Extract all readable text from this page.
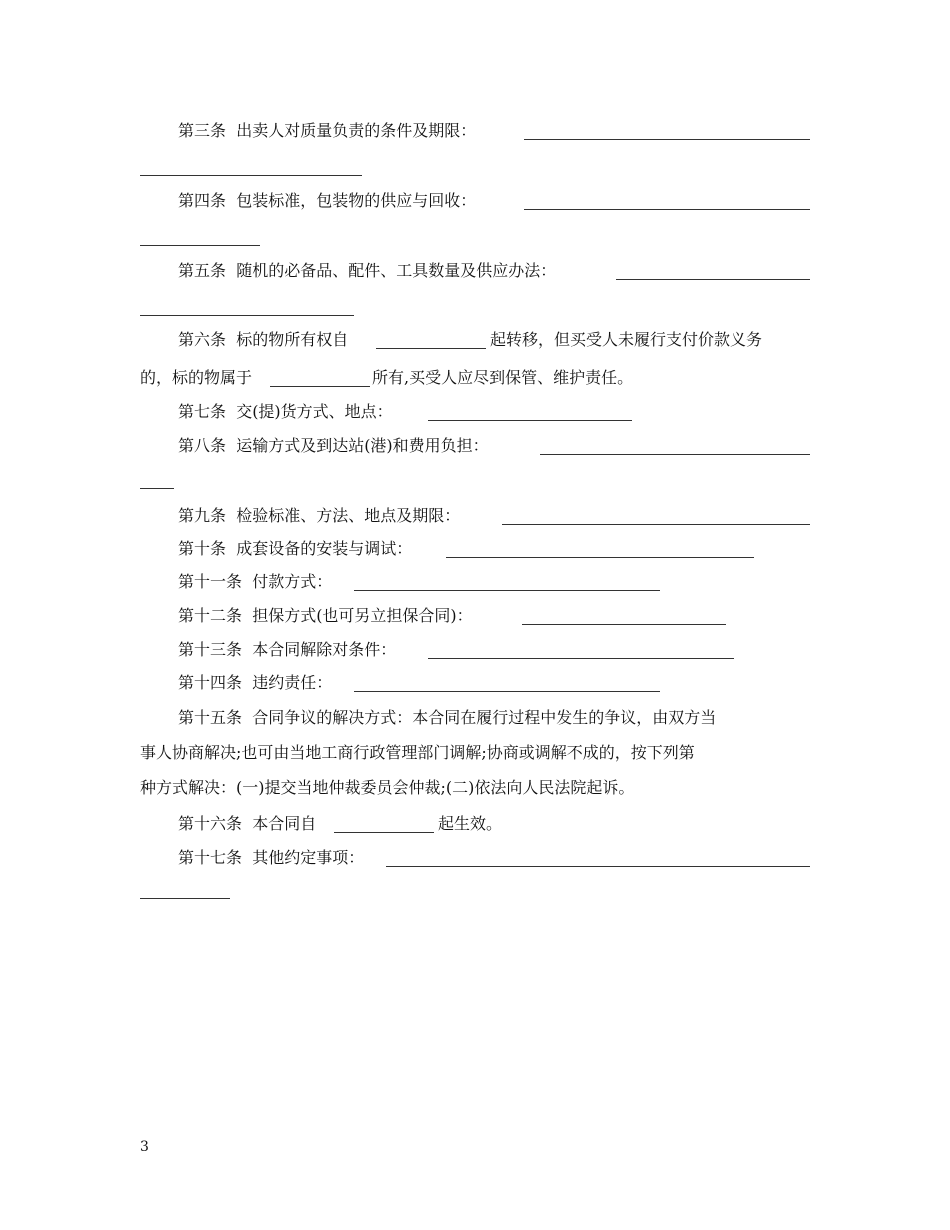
第三条 出卖人对质量负责的条件及期限：
第四条 包装标准，包装物的供应与回收：
第五条 随机的必备品、配件、工具数量及供应办法：
第六条 标的物所有权自	起转移，但买受人未履行支付价款义务
的，标的物属于	所有,买受人应尽到保管、维护责任。
第七条 交(提)货方式、地点：
第八条 运输方式及到达站(港)和费用负担：
第九条 检验标准、方法、地点及期限：
第十条 成套设备的安装与调试：
第十一条 付款方式：
第十二条 担保方式(也可另立担保合同)：
第十三条 本合同解除对条件：
第十四条 违约责任：
第十五条 合同争议的解决方式：本合同在履行过程中发生的争议，由双方当
事人协商解决;也可由当地工商行政管理部门调解;协商或调解不成的，按下列第
种方式解决：(一)提交当地仲裁委员会仲裁;(二)依法向人民法院起诉。
第十六条 本合同自	起生效。
第十七条 其他约定事项：
3
